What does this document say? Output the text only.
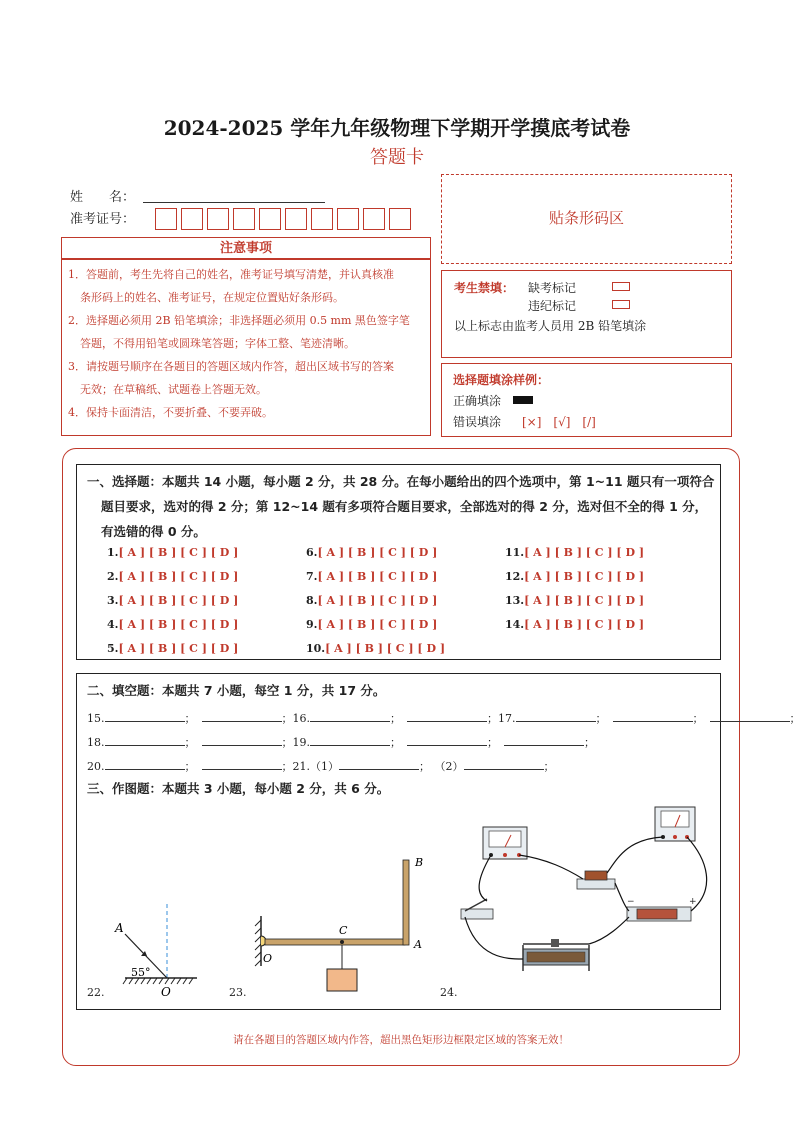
2024-2025 学年九年级物理下学期开学摸底考试卷
答题卡
姓　　名：
准考证号：	贴条形码区
注意事项
1．答题前，考生先将自己的姓名，准考证号填写清楚，并认真核准
条形码上的姓名、准考证号，在规定位置贴好条形码。
2．选择题必须用 2B 铅笔填涂；非选择题必须用 0.5 mm 黑色签字笔
答题，不得用铅笔或圆珠笔答题；字体工整、笔迹清晰。
3．请按题号顺序在各题目的答题区域内作答，超出区域书写的答案
无效；在草稿纸、试题卷上答题无效。
4．保持卡面清洁，不要折叠、不要弄破。
考生禁填： 缺考标记
违纪标记
以上标志由监考人员用 2B 铅笔填涂
选择题填涂样例：
正确填涂
错误填涂 [×]　[√]　[/]
一、选择题：本题共 14 小题，每小题 2 分，共 28 分。在每小题给出的四个选项中，第 1~11 题只有一项符合
题目要求，选对的得 2 分；第 12~14 题有多项符合题目要求，全部选对的得 2 分，选对但不全的得 1 分，
有选错的得 0 分。
1.[ A ] [ B ] [ C ] [ D ]
2.[ A ] [ B ] [ C ] [ D ]
3.[ A ] [ B ] [ C ] [ D ]
4.[ A ] [ B ] [ C ] [ D ]
5.[ A ] [ B ] [ C ] [ D ]
6.[ A ] [ B ] [ C ] [ D ]
7.[ A ] [ B ] [ C ] [ D ]
8.[ A ] [ B ] [ C ] [ D ]
9.[ A ] [ B ] [ C ] [ D ]
10.[ A ] [ B ] [ C ] [ D ]
11.[ A ] [ B ] [ C ] [ D ]
12.[ A ] [ B ] [ C ] [ D ]
13.[ A ] [ B ] [ C ] [ D ]
14.[ A ] [ B ] [ C ] [ D ]
二、填空题：本题共 7 小题，每空 1 分，共 17 分。
15.	；	；16.	；	；17.	；	；	；
18.	；	；19.	；	；	；
20.	；	；21.（1）	； （2）	；
三、作图题：本题共 3 小题，每小题 2 分，共 6 分。
A
55°
O
22.
B
C
A
O
23.
−	+
24.
请在各题目的答题区域内作答，超出黑色矩形边框限定区域的答案无效！
